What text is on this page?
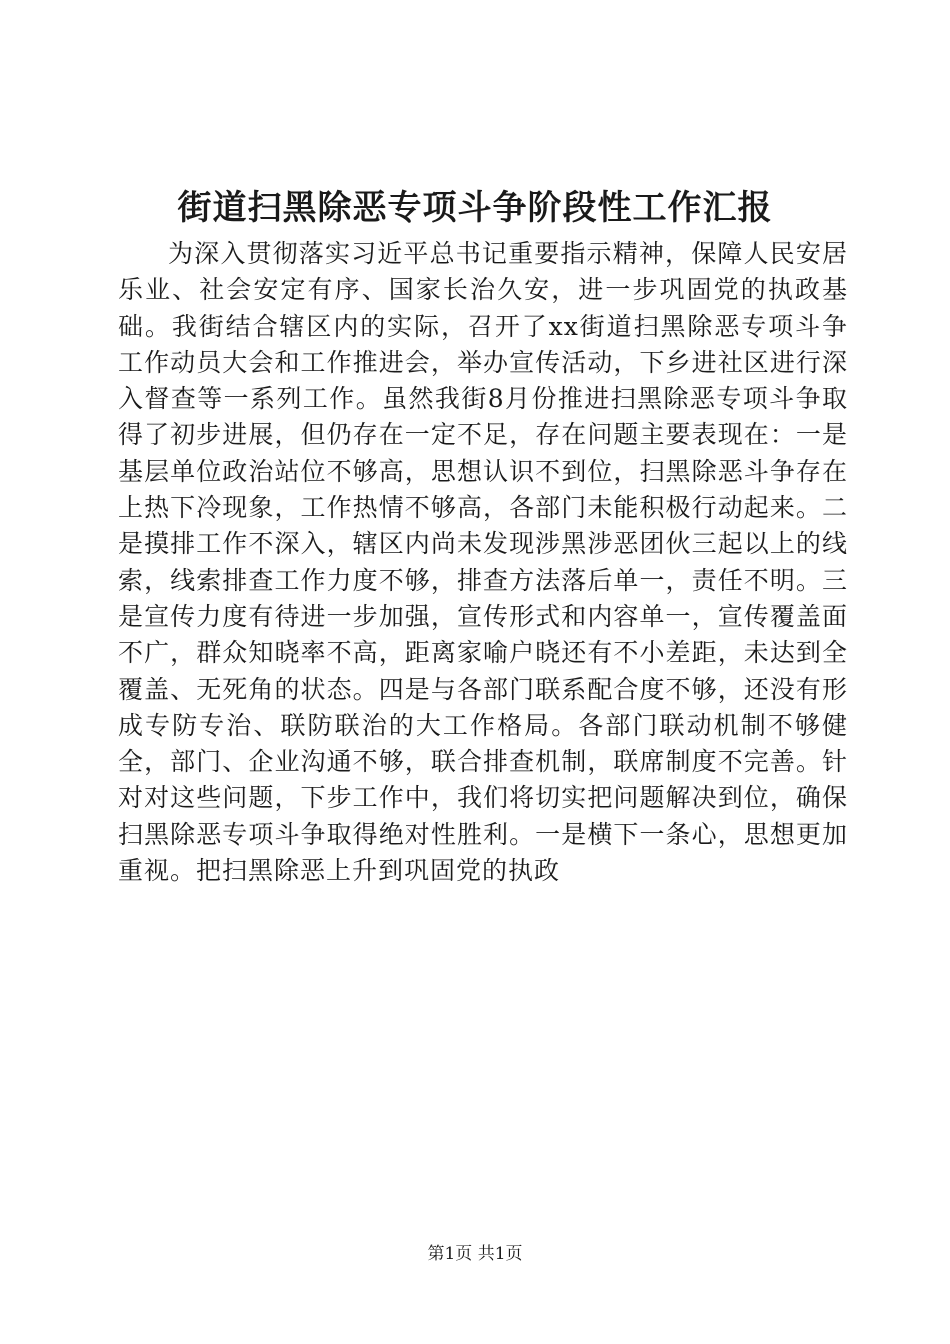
街道扫黑除恶专项斗争阶段性工作汇报

为深入贯彻落实习近平总书记重要指示精神，保障人民安居乐业、社会安定有序、国家长治久安，进一步巩固党的执政基础。我街结合辖区内的实际，召开了xx街道扫黑除恶专项斗争工作动员大会和工作推进会，举办宣传活动，下乡进社区进行深入督查等一系列工作。虽然我街8月份推进扫黑除恶专项斗争取得了初步进展，但仍存在一定不足，存在问题主要表现在：一是基层单位政治站位不够高，思想认识不到位，扫黑除恶斗争存在上热下冷现象，工作热情不够高，各部门未能积极行动起来。二是摸排工作不深入，辖区内尚未发现涉黑涉恶团伙三起以上的线索，线索排查工作力度不够，排查方法落后单一，责任不明。三是宣传力度有待进一步加强，宣传形式和内容单一，宣传覆盖面不广，群众知晓率不高，距离家喻户晓还有不小差距，未达到全覆盖、无死角的状态。四是与各部门联系配合度不够，还没有形成专防专治、联防联治的大工作格局。各部门联动机制不够健全，部门、企业沟通不够，联合排查机制，联席制度不完善。针对对这些问题，下步工作中，我们将切实把问题解决到位，确保扫黑除恶专项斗争取得绝对性胜利。一是横下一条心，思想更加重视。把扫黑除恶上升到巩固党的执政

第1页 共1页
